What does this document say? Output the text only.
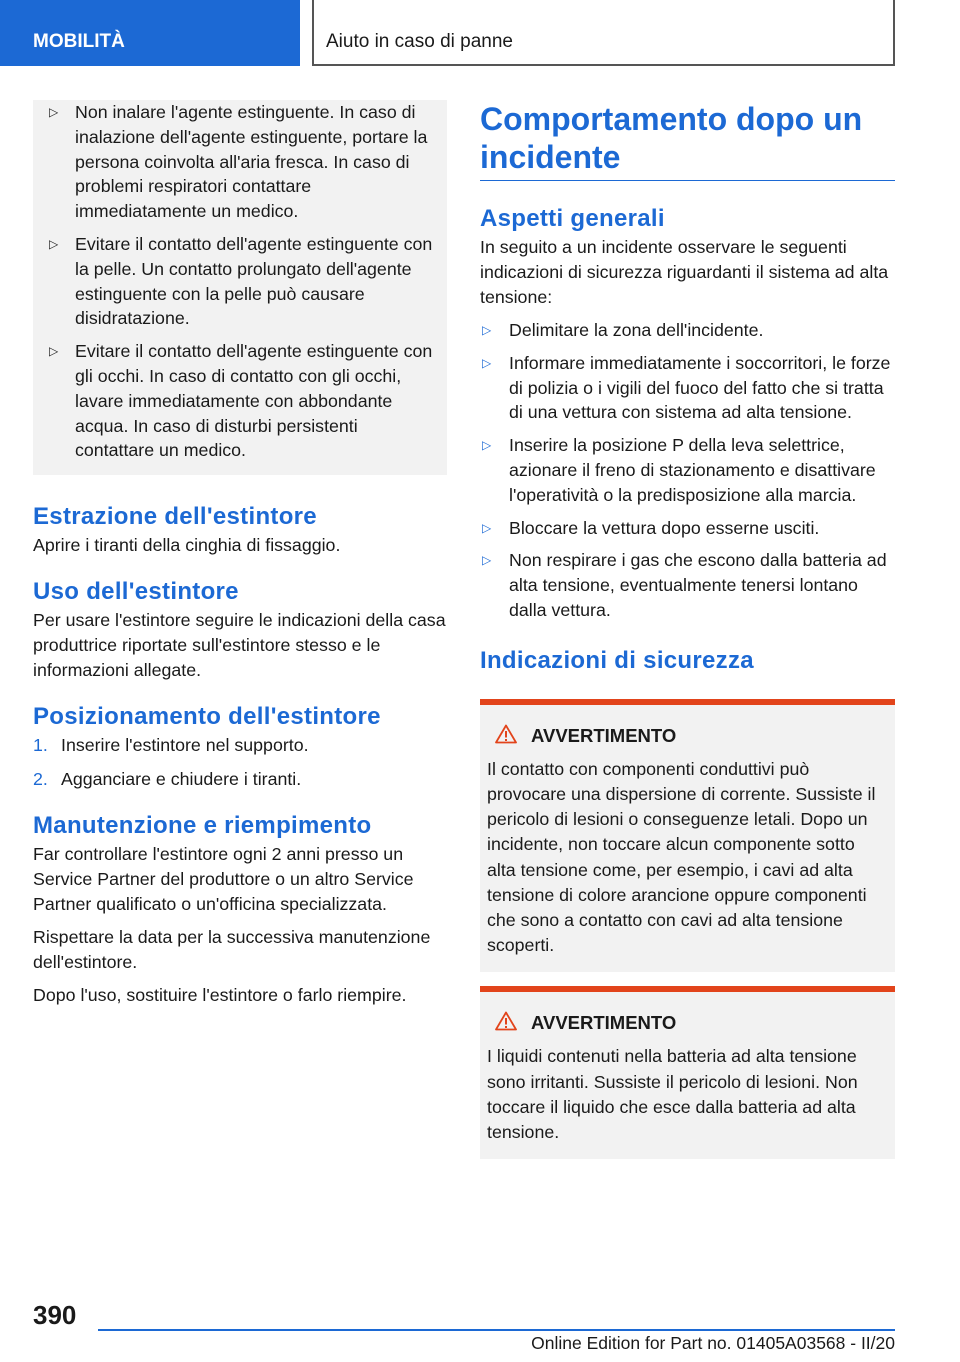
MOBILITÀ	Aiuto in caso di panne
▷ Non inalare l'agente estinguente. In caso di inalazione dell'agente estinguente, portare la persona coinvolta all'aria fresca. In caso di problemi respiratori contattare immediatamente un medico.
▷ Evitare il contatto dell'agente estinguente con la pelle. Un contatto prolungato dell'agente estinguente con la pelle può causare disidratazione.
▷ Evitare il contatto dell'agente estinguente con gli occhi. In caso di contatto con gli occhi, lavare immediatamente con abbondante acqua. In caso di disturbi persistenti contattare un medico.
Estrazione dell'estintore

Aprire i tiranti della cinghia di fissaggio.

Uso dell'estintore

Per usare l'estintore seguire le indicazioni della casa produttrice riportate sull'estintore stesso e le informazioni allegate.

Posizionamento dell'estintore
1. Inserire l'estintore nel supporto.
2. Agganciare e chiudere i tiranti.
Manutenzione e riempimento

Far controllare l'estintore ogni 2 anni presso un Service Partner del produttore o un altro Service Partner qualificato o un'officina specializzata.

Rispettare la data per la successiva manutenzione dell'estintore.

Dopo l'uso, sostituire l'estintore o farlo riempire.

Comportamento dopo un incidente
Aspetti generali

In seguito a un incidente osservare le seguenti indicazioni di sicurezza riguardanti il sistema ad alta tensione:

▷ Delimitare la zona dell'incidente.
▷ Informare immediatamente i soccorritori, le forze di polizia o i vigili del fuoco del fatto che si tratta di una vettura con sistema ad alta tensione.
▷ Inserire la posizione P della leva selettrice, azionare il freno di stazionamento e disattivare l'operatività o la predisposizione alla marcia.
▷ Bloccare la vettura dopo esserne usciti.
▷ Non respirare i gas che escono dalla batteria ad alta tensione, eventualmente tenersi lontano dalla vettura.
Indicazioni di sicurezza
AVVERTIMENTO
Il contatto con componenti conduttivi può provocare una dispersione di corrente. Sussiste il pericolo di lesioni o conseguenze letali. Dopo un incidente, non toccare alcun componente sotto alta tensione come, per esempio, i cavi ad alta tensione di colore arancione oppure componenti che sono a contatto con cavi ad alta tensione scoperti.
AVVERTIMENTO
I liquidi contenuti nella batteria ad alta tensione sono irritanti. Sussiste il pericolo di lesioni. Non toccare il liquido che esce dalla batteria ad alta tensione.
390
Online Edition for Part no. 01405A03568 - II/20
